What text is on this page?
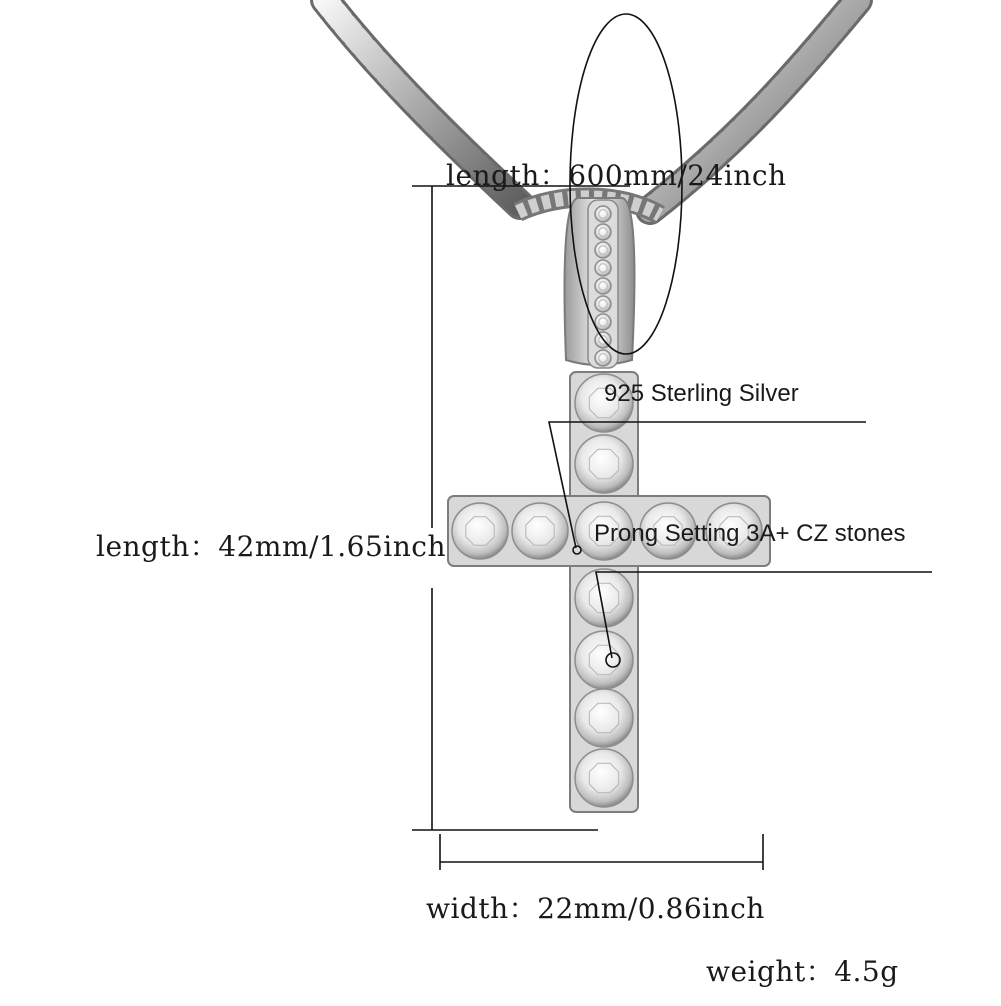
length：600mm/24inch
length：42mm/1.65inch
width：22mm/0.86inch
weight：4.5g
925 Sterling Silver
Prong Setting 3A+ CZ stones
